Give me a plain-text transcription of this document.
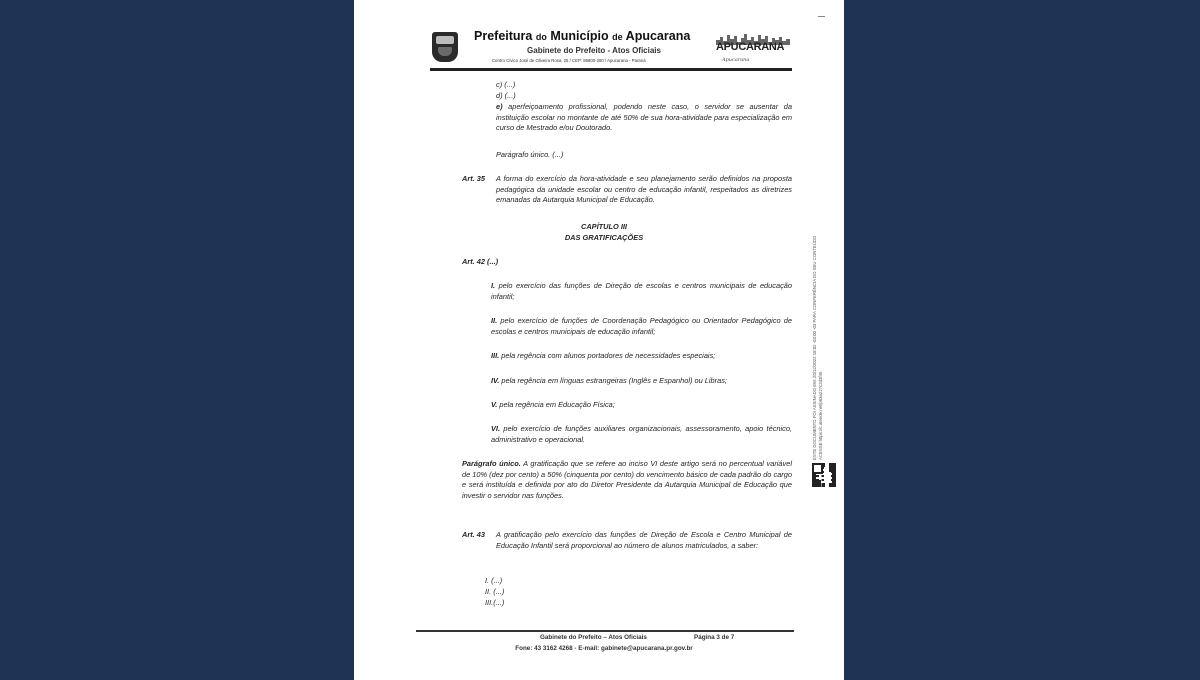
Prefeitura do Município de Apucarana
Gabinete do Prefeito - Atos Oficiais
Centro Cívico José de Oliveira Rosa, 25 / CEP: 86800-280 / Apucarana - Paraná
APUCARANA
Apucarana
c) (...)
d) (...)
e) aperfeiçoamento profissional, podendo neste caso, o servidor se ausentar da instituição escolar no montante de até 50% de sua hora-atividade para especialização em curso de Mestrado e/ou Doutorado.
Parágrafo único. (...)
Art. 35 A forma do exercício da hora-atividade e seu planejamento serão definidos na proposta pedagógica da unidade escolar ou centro de educação infantil, respeitados as diretrizes emanadas da Autarquia Municipal de Educação.
CAPÍTULO III
DAS GRATIFICAÇÕES
Art. 42 (...)
I. pelo exercício das funções de Direção de escolas e centros municipais de educação infantil;
II. pelo exercício de funções de Coordenação Pedagógico ou Orientador Pedagógico de escolas e centros municipais de educação infantil;
III. pela regência com alunos portadores de necessidades especiais;
IV. pela regência em línguas estrangeiras (Inglês e Espanhol) ou Libras;
V. pela regência em Educação Física;
VI. pelo exercício de funções auxiliares organizacionais, assessoramento, apoio técnico, administrativo e operacional.
Parágrafo único. A gratificação que se refere ao inciso VI deste artigo será no percentual variável de 10% (dez por cento) a 50% (cinquenta por cento) do vencimento básico de cada padrão do cargo e será instituída e definida por ato do Diretor Presidente da Autarquia Municipal de Educação que investir o servidor nas funções.
Art. 43 A gratificação pelo exercício das funções de Direção de Escola e Centro Municipal de Educação Infantil será proporcional ao número de alunos matriculados, a saber:
I. (...)
II. (...)
III.(...)
ESTE DOCUMENTO FOI ASSINADO EM: 20/12/2022 18:02 -03:00 -03 PARA CONFERÊNCIA DO SEU CONTEÚDO ACESSE https://c.atende.net/p63a227c2d3f45
Gabinete do Prefeito – Atos Oficiais	Página 3 de 7
Fone: 43 3162 4268 - E-mail: gabinete@apucarana.pr.gov.br
